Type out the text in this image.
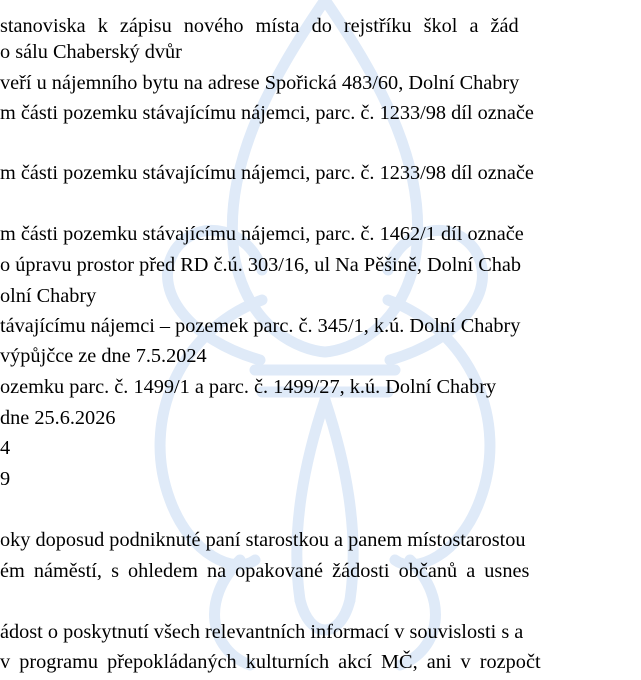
stanoviska k zápisu nového místa do rejstříku škol a žád
o sálu Chaberský dvůr
veří u nájemního bytu na adrese Spořická 483/60, Dolní Chabry
m části pozemku stávajícímu nájemci, parc. č. 1233/98 díl označe
m části pozemku stávajícímu nájemci, parc. č. 1233/98 díl označe
m části pozemku stávajícímu nájemci, parc. č. 1462/1 díl označe
o úpravu prostor před RD č.ú. 303/16, ul Na Pěšině, Dolní Chab
olní Chabry
távajícímu nájemci – pozemek parc. č. 345/1, k.ú. Dolní Chabry
výpůjčce ze dne 7.5.2024
ozemku parc. č. 1499/1 a parc. č. 1499/27, k.ú. Dolní Chabry
dne 25.6.2026
4
9
oky doposud podniknuté paní starostkou a panem místostarostou
ém náměstí, s ohledem na opakované žádosti občanů a usnes
ádost o poskytnutí všech relevantních informací v souvislosti s a
v programu přepokládaných kulturních akcí MČ, ani v rozpočt
